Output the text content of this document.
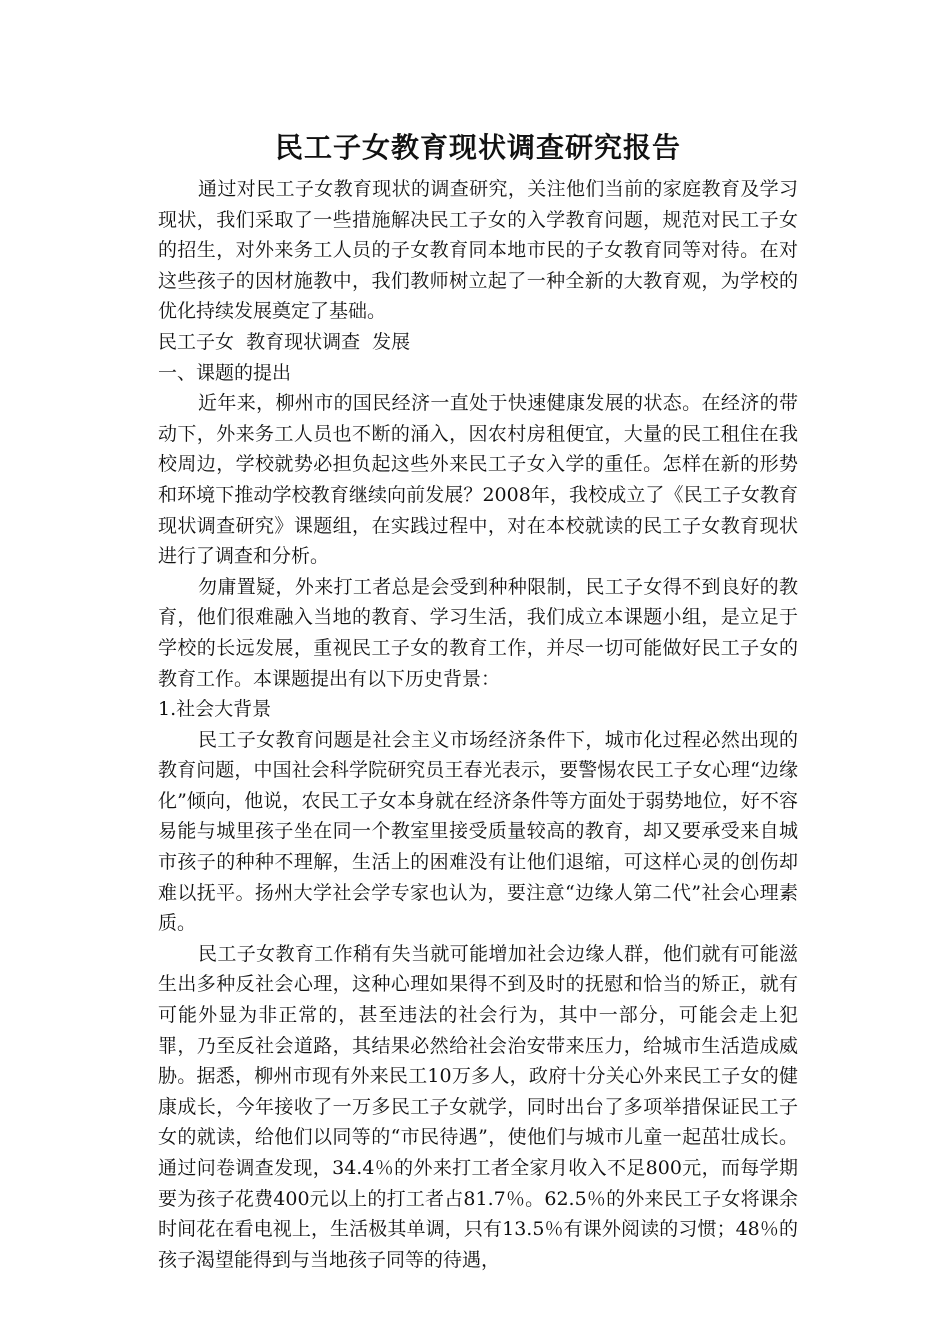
民工子女教育现状调查研究报告

通过对民工子女教育现状的调查研究，关注他们当前的家庭教育及学习现状，我们采取了一些措施解决民工子女的入学教育问题，规范对民工子女的招生，对外来务工人员的子女教育同本地市民的子女教育同等对待。在对这些孩子的因材施教中，我们教师树立起了一种全新的大教育观，为学校的优化持续发展奠定了基础。

民工子女  教育现状调查  发展
一、课题的提出

近年来，柳州市的国民经济一直处于快速健康发展的状态。在经济的带动下，外来务工人员也不断的涌入，因农村房租便宜，大量的民工租住在我校周边，学校就势必担负起这些外来民工子女入学的重任。怎样在新的形势和环境下推动学校教育继续向前发展？2008年，我校成立了《民工子女教育现状调查研究》课题组，在实践过程中，对在本校就读的民工子女教育现状进行了调查和分析。

勿庸置疑，外来打工者总是会受到种种限制，民工子女得不到良好的教育，他们很难融入当地的教育、学习生活，我们成立本课题小组，是立足于学校的长远发展，重视民工子女的教育工作，并尽一切可能做好民工子女的教育工作。本课题提出有以下历史背景：

1.社会大背景

民工子女教育问题是社会主义市场经济条件下，城市化过程必然出现的教育问题，中国社会科学院研究员王春光表示，要警惕农民工子女心理“边缘化”倾向，他说，农民工子女本身就在经济条件等方面处于弱势地位，好不容易能与城里孩子坐在同一个教室里接受质量较高的教育，却又要承受来自城市孩子的种种不理解，生活上的困难没有让他们退缩，可这样心灵的创伤却难以抚平。扬州大学社会学专家也认为，要注意“边缘人第二代”社会心理素质。

民工子女教育工作稍有失当就可能增加社会边缘人群，他们就有可能滋生出多种反社会心理，这种心理如果得不到及时的抚慰和恰当的矫正，就有可能外显为非正常的，甚至违法的社会行为，其中一部分，可能会走上犯罪，乃至反社会道路，其结果必然给社会治安带来压力，给城市生活造成威胁。据悉，柳州市现有外来民工10万多人，政府十分关心外来民工子女的健康成长，今年接收了一万多民工子女就学，同时出台了多项举措保证民工子女的就读，给他们以同等的“市民待遇”，使他们与城市儿童一起茁壮成长。通过问卷调查发现，34.4％的外来打工者全家月收入不足800元，而每学期要为孩子花费400元以上的打工者占81.7％。62.5％的外来民工子女将课余时间花在看电视上，生活极其单调，只有13.5％有课外阅读的习惯；48％的孩子渴望能得到与当地孩子同等的待遇，
